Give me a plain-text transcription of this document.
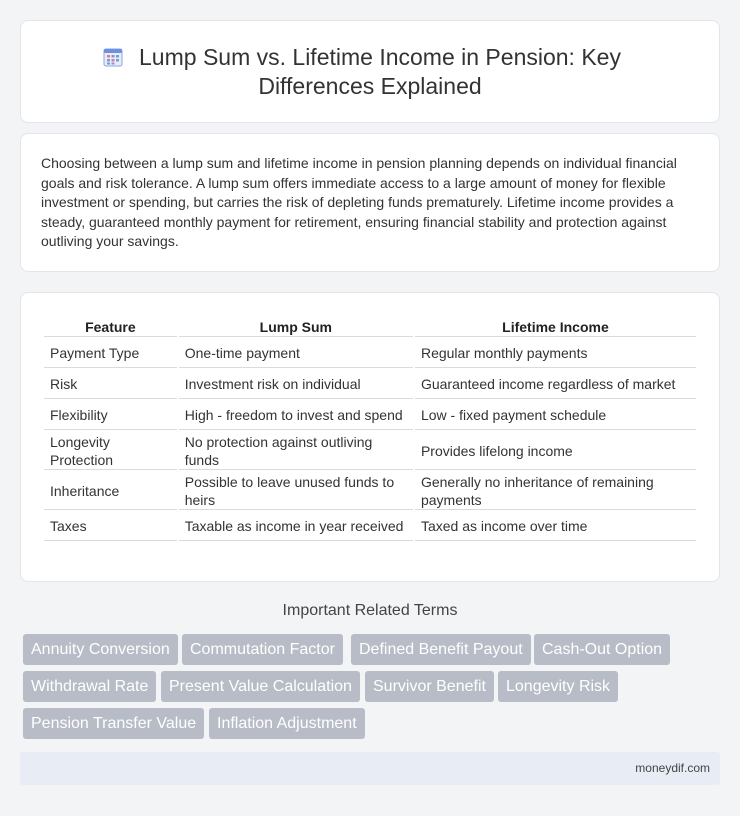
Lump Sum vs. Lifetime Income in Pension: Key
Differences Explained

Choosing between a lump sum and lifetime income in pension planning depends on individual financial goals and risk tolerance. A lump sum offers immediate access to a large amount of money for flexible investment or spending, but carries the risk of depleting funds prematurely. Lifetime income provides a steady, guaranteed monthly payment for retirement, ensuring financial stability and protection against outliving your savings.

Feature	Lump Sum	Lifetime Income
Payment Type	One-time payment	Regular monthly payments
Risk	Investment risk on individual	Guaranteed income regardless of market
Flexibility	High - freedom to invest and spend	Low - fixed payment schedule
Longevity Protection	No protection against outliving funds	Provides lifelong income
Inheritance	Possible to leave unused funds to heirs	Generally no inheritance of remaining payments
Taxes	Taxable as income in year received	Taxed as income over time
Important Related Terms
Annuity Conversion	Commutation Factor	Defined Benefit Payout	Cash-Out Option
Withdrawal Rate	Present Value Calculation	Survivor Benefit	Longevity Risk
Pension Transfer Value	Inflation Adjustment
moneydif.com
